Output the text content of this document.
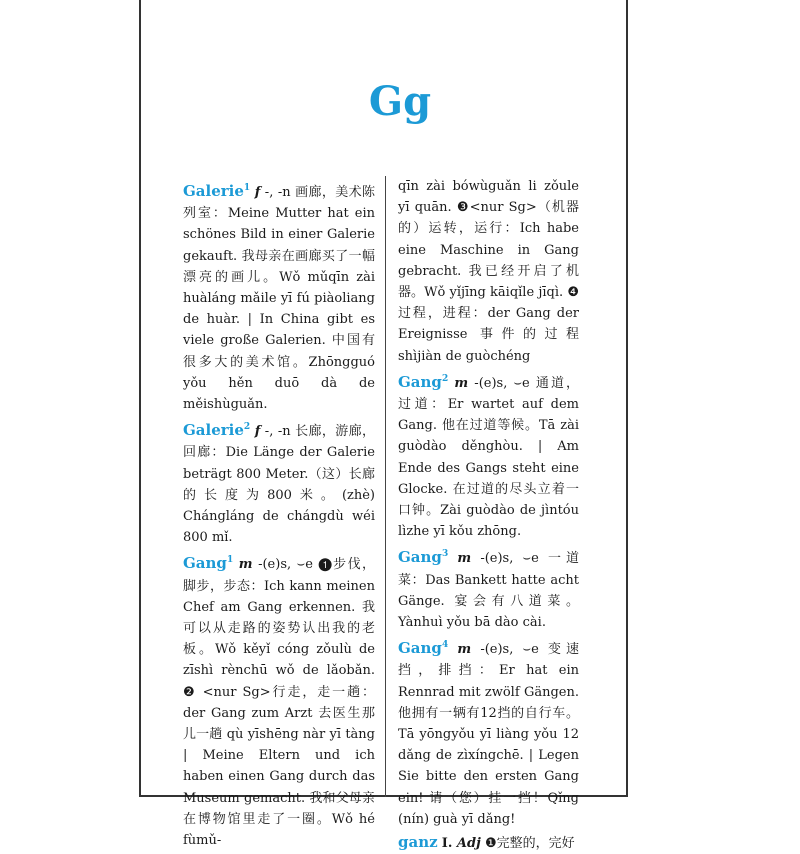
Gg

Galerie$^1$ f -, -n 画廊，美术陈列室：Meine Mutter hat ein schönes Bild in einer Galerie gekauft. 我母亲在画廊买了一幅漂亮的画儿。Wǒ mǔqīn zài huàláng mǎile yī fú piàoliang de huàr. | In China gibt es viele große Galerien. 中国有很多大的美术馆。Zhōngguó yǒu hěn duō dà de měishùguǎn.

Galerie$^2$ f -, -n 长廊，游廊，回廊：Die Länge der Galerie beträgt 800 Meter.（这）长廊的长度为800米。(zhè) Chángláng de chángdù wéi 800 mǐ.

Gang$^1$ m -(e)s, ⌣e ❶步伐，脚步，步态：Ich kann meinen Chef am Gang erkennen. 我可以从走路的姿势认出我的老板。Wǒ kěyǐ cóng zǒulù de zīshì rènchū wǒ de lǎobǎn. ❷ <nur Sg>行走，走一趟：der Gang zum Arzt 去医生那儿一趟 qù yīshēng nàr yī tàng | Meine Eltern und ich haben einen Gang durch das Museum gemacht. 我和父母亲在博物馆里走了一圈。Wǒ hé fùmǔ-

qīn zài bówùguǎn li zǒule yī quān. ❸<nur Sg>（机器的）运转，运行：Ich habe eine Maschine in Gang gebracht. 我已经开启了机器。Wǒ yǐjīng kāiqǐle jīqì. ❹过程，进程：der Gang der Ereignisse 事件的过程 shìjiàn de guòchéng

Gang$^2$ m -(e)s, ⌣e 通道，过道：Er wartet auf dem Gang. 他在过道等候。Tā zài guòdào děnghòu. | Am Ende des Gangs steht eine Glocke. 在过道的尽头立着一口钟。Zài guòdào de jìntóu lìzhe yī kǒu zhōng.

Gang$^3$ m -(e)s, ⌣e 一道菜：Das Bankett hatte acht Gänge. 宴会有八道菜。Yànhuì yǒu bā dào cài.

Gang$^4$ m -(e)s, ⌣e 变速挡，排挡：Er hat ein Rennrad mit zwölf Gängen. 他拥有一辆有12挡的自行车。Tā yōngyǒu yī liàng yǒu 12 dǎng de zìxíngchē. | Legen Sie bitte den ersten Gang ein! 请（您）挂一挡！Qǐng (nín) guà yī dǎng!

ganz I. Adj ❶完整的，完好
